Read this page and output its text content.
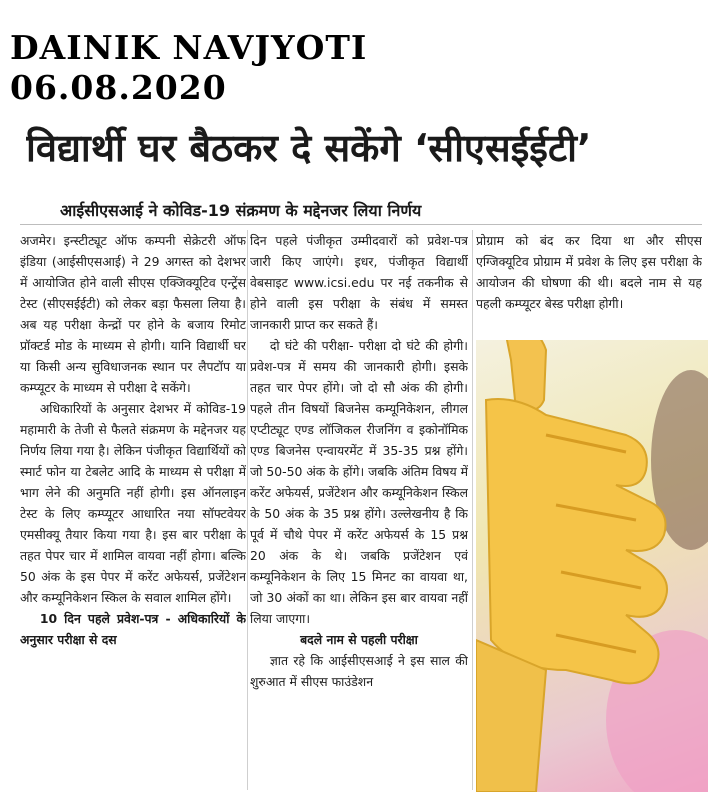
DAINIK NAVJYOTI
06.08.2020
विद्यार्थी घर बैठकर दे सकेंगे ‘सीएसईईटी’
आईसीएसआई ने कोविड-19 संक्रमण के मद्देनजर लिया निर्णय

अजमेर। इन्स्टीट्यूट ऑफ कम्पनी सेक्रेटरी ऑफ इंडिया (आईसीएसआई) ने 29 अगस्त को देशभर में आयोजित होने वाली सीएस एक्जिक्यूटिव एन्ट्रेंस टेस्ट (सीएसईईटी) को लेकर बड़ा फैसला लिया है। अब यह परीक्षा केन्द्रों पर होने के बजाय रिमोट प्रॉक्टर्ड मोड के माध्यम से होगी। यानि विद्यार्थी घर या किसी अन्य सुविधाजनक स्थान पर लैपटॉप या कम्प्यूटर के माध्यम से परीक्षा दे सकेंगे।

अधिकारियों के अनुसार देशभर में कोविड-19 महामारी के तेजी से फैलते संक्रमण के मद्देनजर यह निर्णय लिया गया है। लेकिन पंजीकृत विद्यार्थियों को स्मार्ट फोन या टेबलेट आदि के माध्यम से परीक्षा में भाग लेने की अनुमति नहीं होगी। इस ऑनलाइन टेस्ट के लिए कम्प्यूटर आधारित नया सॉफ्टवेयर एमसीक्यू तैयार किया गया है। इस बार परीक्षा के तहत पेपर चार में शामिल वायवा नहीं होगा। बल्कि 50 अंक के इस पेपर में करेंट अफेयर्स, प्रजेंटेशन और कम्यूनिकेशन स्किल के सवाल शामिल होंगे।

10 दिन पहले प्रवेश-पत्र - अधिकारियों के अनुसार परीक्षा से दस

दिन पहले पंजीकृत उम्मीदवारों को प्रवेश-पत्र जारी किए जाएंगे। इधर, पंजीकृत विद्यार्थी वेबसाइट www.icsi.edu पर नई तकनीक से होने वाली इस परीक्षा के संबंध में समस्त जानकारी प्राप्त कर सकते हैं।

दो घंटे की परीक्षा- परीक्षा दो घंटे की होगी। प्रवेश-पत्र में समय की जानकारी होगी। इसके तहत चार पेपर होंगे। जो दो सौ अंक की होगी। पहले तीन विषयों बिजनेस कम्यूनिकेशन, लीगल एप्टीट्यूट एण्ड लॉजिकल रीजनिंग व इकोनॉमिक एण्ड बिजनेस एन्वायरमेंट में 35-35 प्रश्न होंगे। जो 50-50 अंक के होंगे। जबकि अंतिम विषय में करेंट अफेयर्स, प्रजेंटेशन और कम्यूनिकेशन स्किल के 50 अंक के 35 प्रश्न होंगे। उल्लेखनीय है कि पूर्व में चौथे पेपर में करेंट अफेयर्स के 15 प्रश्न 20 अंक के थे। जबकि प्रजेंटेशन एवं कम्यूनिकेशन के लिए 15 मिनट का वायवा था, जो 30 अंकों का था। लेकिन इस बार वायवा नहीं लिया जाएगा।

बदले नाम से पहली परीक्षा

ज्ञात रहे कि आईसीएसआई ने इस साल की शुरुआत में सीएस फाउंडेशन

प्रोग्राम को बंद कर दिया था और सीएस एग्जिक्यूटिव प्रोग्राम में प्रवेश के लिए इस परीक्षा के आयोजन की घोषणा की थी। बदले नाम से यह पहली कम्प्यूटर बेस्ड परीक्षा होगी।
